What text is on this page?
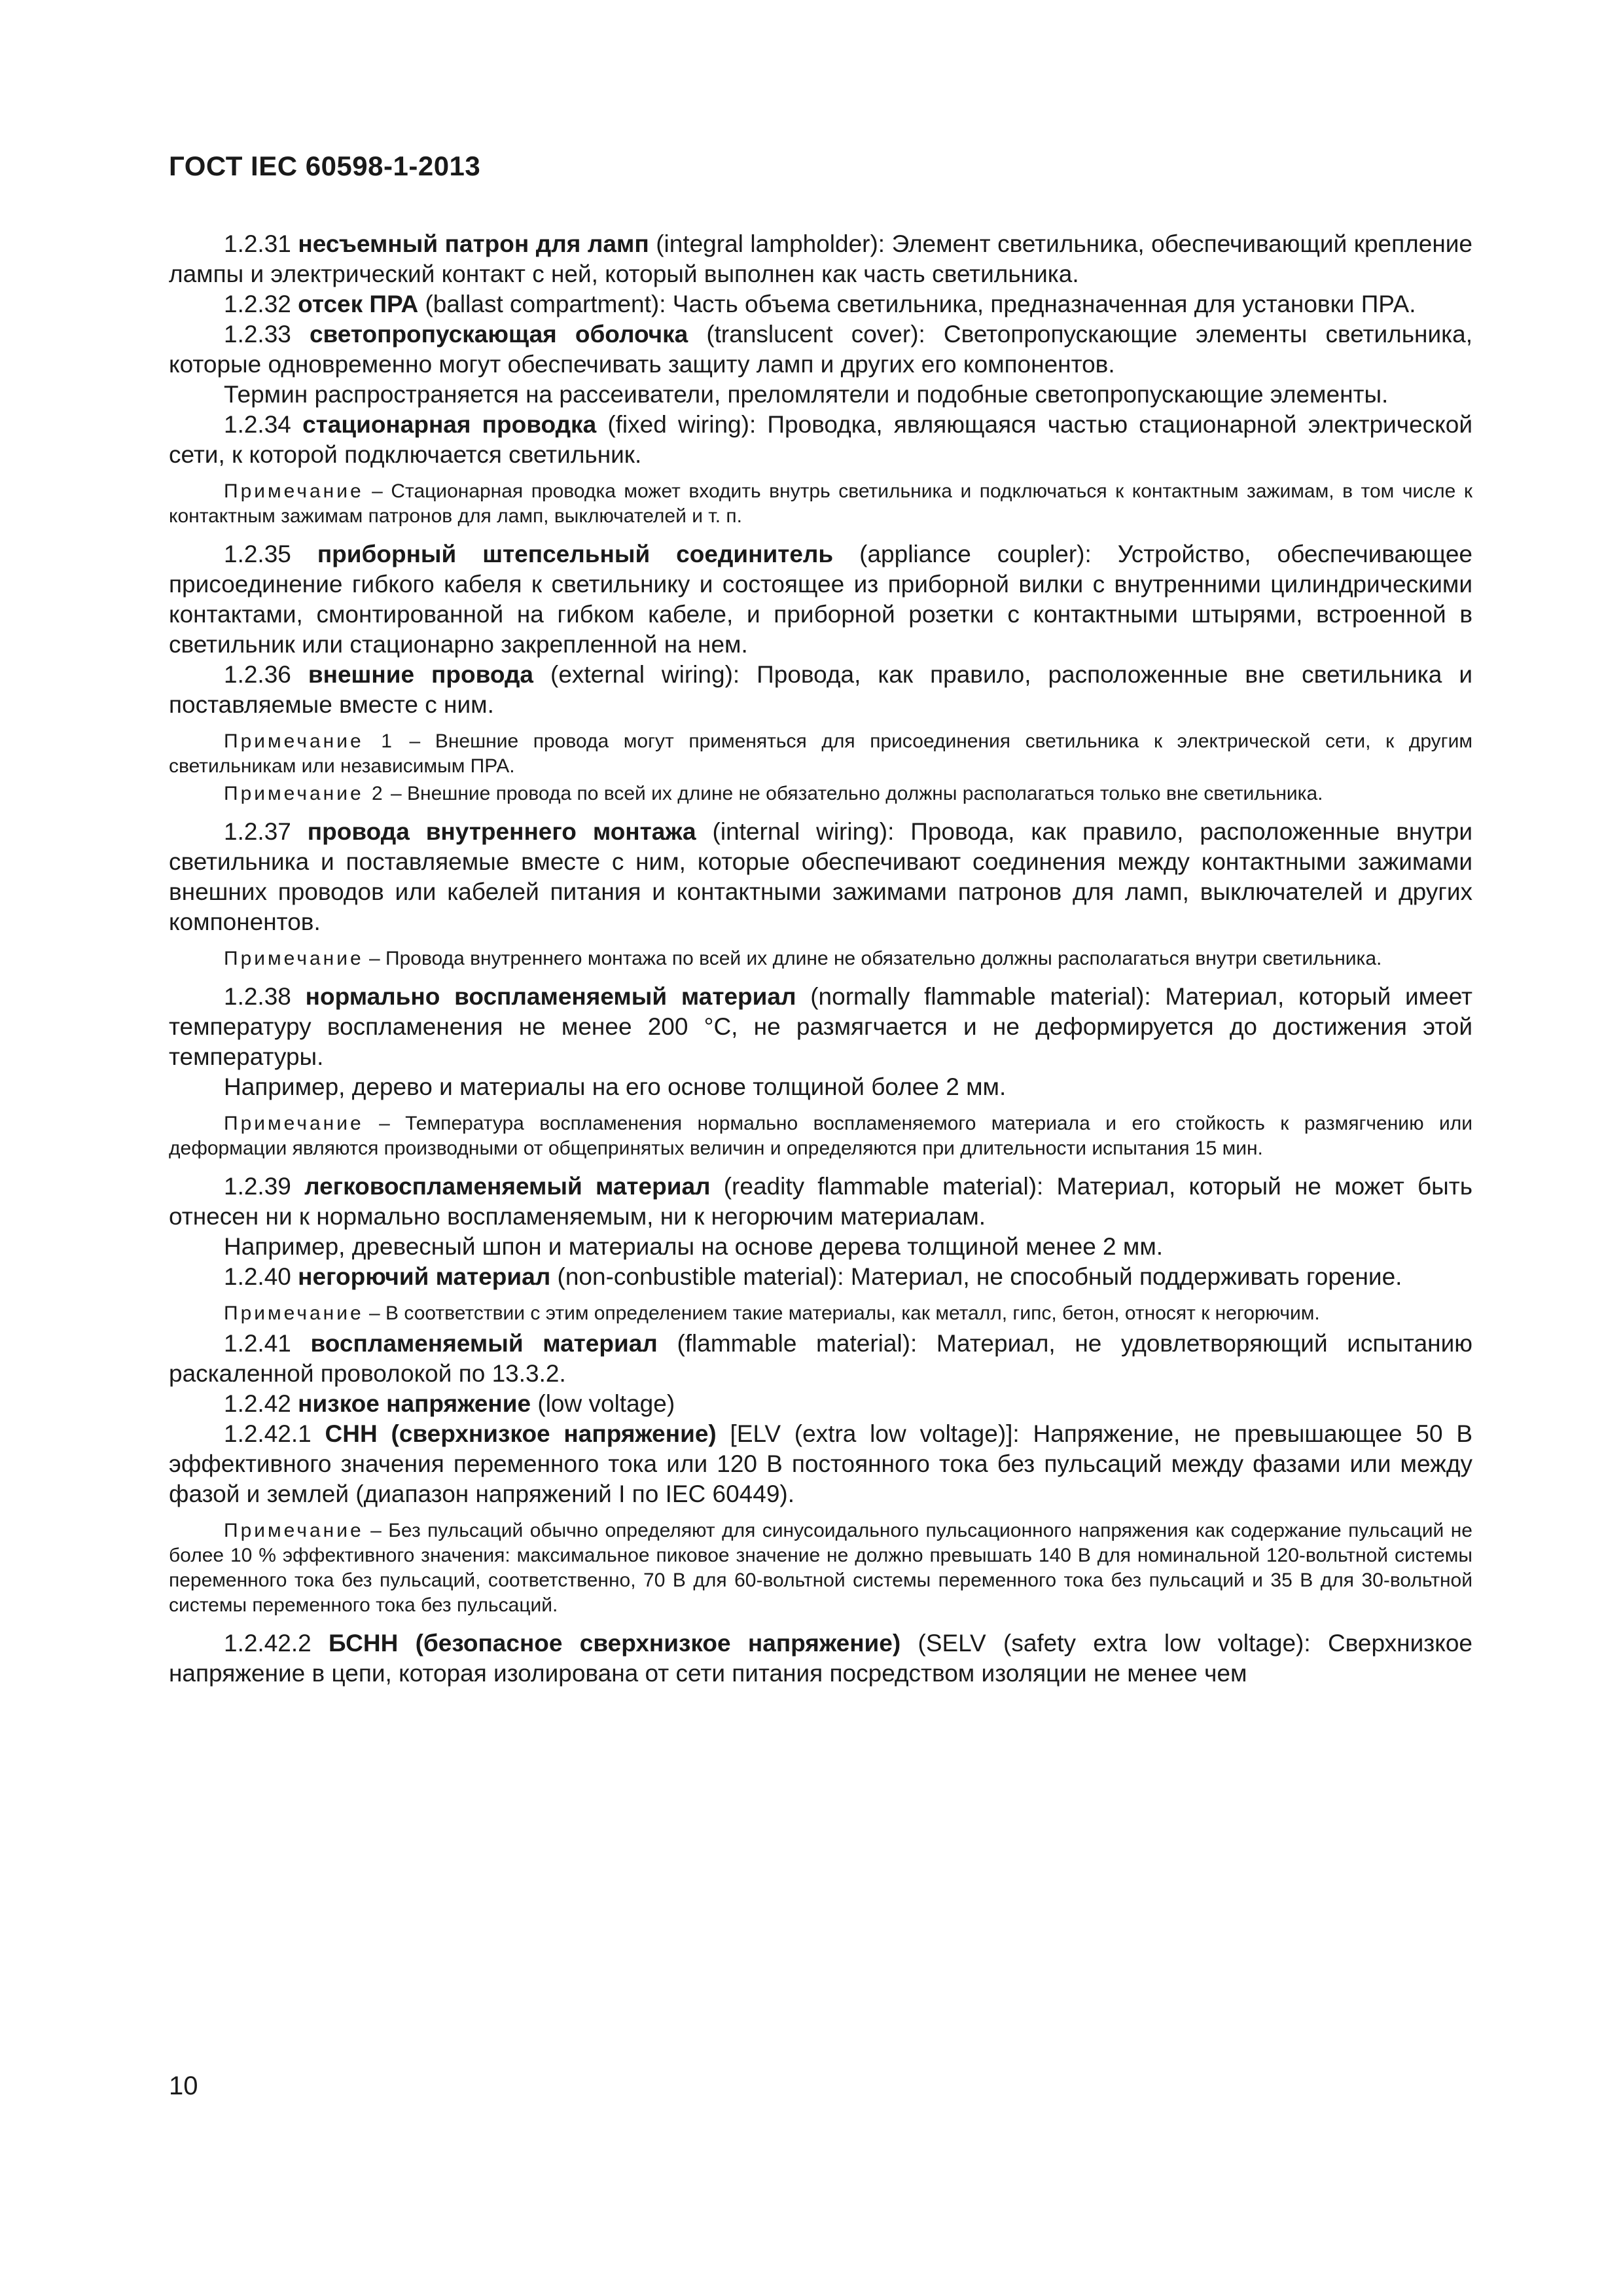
ГОСТ IEC 60598-1-2013

1.2.31 несъемный патрон для ламп (integral lampholder): Элемент светильника, обеспечивающий крепление лампы и электрический контакт с ней, который выполнен как часть светильника.

1.2.32 отсек ПРА (ballast compartment): Часть объема светильника, предназначенная для установки ПРА.

1.2.33 светопропускающая оболочка (translucent cover): Светопропускающие элементы светильника, которые одновременно могут обеспечивать защиту ламп и других его компонентов.

Термин распространяется на рассеиватели, преломлятели и подобные светопропускающие элементы.

1.2.34 стационарная проводка (fixed wiring): Проводка, являющаяся частью стационарной электрической сети, к которой подключается светильник.

Примечание – Стационарная проводка может входить внутрь светильника и подключаться к контактным зажимам, в том числе к контактным зажимам патронов для ламп, выключателей и т. п.

1.2.35 приборный штепсельный соединитель (appliance coupler): Устройство, обеспечивающее присоединение гибкого кабеля к светильнику и состоящее из приборной вилки с внутренними цилиндрическими контактами, смонтированной на гибком кабеле, и приборной розетки с контактными штырями, встроенной в светильник или стационарно закрепленной на нем.

1.2.36 внешние провода (external wiring): Провода, как правило, расположенные вне светильника и поставляемые вместе с ним.

Примечание 1 – Внешние провода могут применяться для присоединения светильника к электрической сети, к другим светильникам или независимым ПРА.

Примечание 2 – Внешние провода по всей их длине не обязательно должны располагаться только вне светильника.

1.2.37 провода внутреннего монтажа (internal wiring): Провода, как правило, расположенные внутри светильника и поставляемые вместе с ним, которые обеспечивают соединения между контактными зажимами внешних проводов или кабелей питания и контактными зажимами патронов для ламп, выключателей и других компонентов.

Примечание – Провода внутреннего монтажа по всей их длине не обязательно должны располагаться внутри светильника.

1.2.38 нормально воспламеняемый материал (normally flammable material): Материал, который имеет температуру воспламенения не менее 200 °С, не размягчается и не деформируется до достижения этой температуры.

Например, дерево и материалы на его основе толщиной более 2 мм.

Примечание – Температура воспламенения нормально воспламеняемого материала и его стойкость к размягчению или деформации являются производными от общепринятых величин и определяются при длительности испытания 15 мин.

1.2.39 легковоспламеняемый материал (readity flammable material): Материал, который не может быть отнесен ни к нормально воспламеняемым, ни к негорючим материалам.

Например, древесный шпон и материалы на основе дерева толщиной менее 2 мм.

1.2.40 негорючий материал (non-conbustible material): Материал, не способный поддерживать горение.

Примечание – В соответствии с этим определением такие материалы, как металл, гипс, бетон, относят к негорючим.

1.2.41 воспламеняемый материал (flammable material): Материал, не удовлетворяющий испытанию раскаленной проволокой по 13.3.2.

1.2.42 низкое напряжение (low voltage)

1.2.42.1 СНН (сверхнизкое напряжение) [ELV (extra low voltage)]: Напряжение, не превышающее 50 В эффективного значения переменного тока или 120 В постоянного тока без пульсаций между фазами или между фазой и землей (диапазон напряжений I по IEC 60449).

Примечание – Без пульсаций обычно определяют для синусоидального пульсационного напряжения как содержание пульсаций не более 10 % эффективного значения: максимальное пиковое значение не должно превышать 140 В для номинальной 120-вольтной системы переменного тока без пульсаций, соответственно, 70 В для 60-вольтной системы переменного тока без пульсаций и 35 В для 30-вольтной системы переменного тока без пульсаций.

1.2.42.2 БСНН (безопасное сверхнизкое напряжение) (SELV (safety extra low voltage): Сверхнизкое напряжение в цепи, которая изолирована от сети питания посредством изоляции не менее чем

10
